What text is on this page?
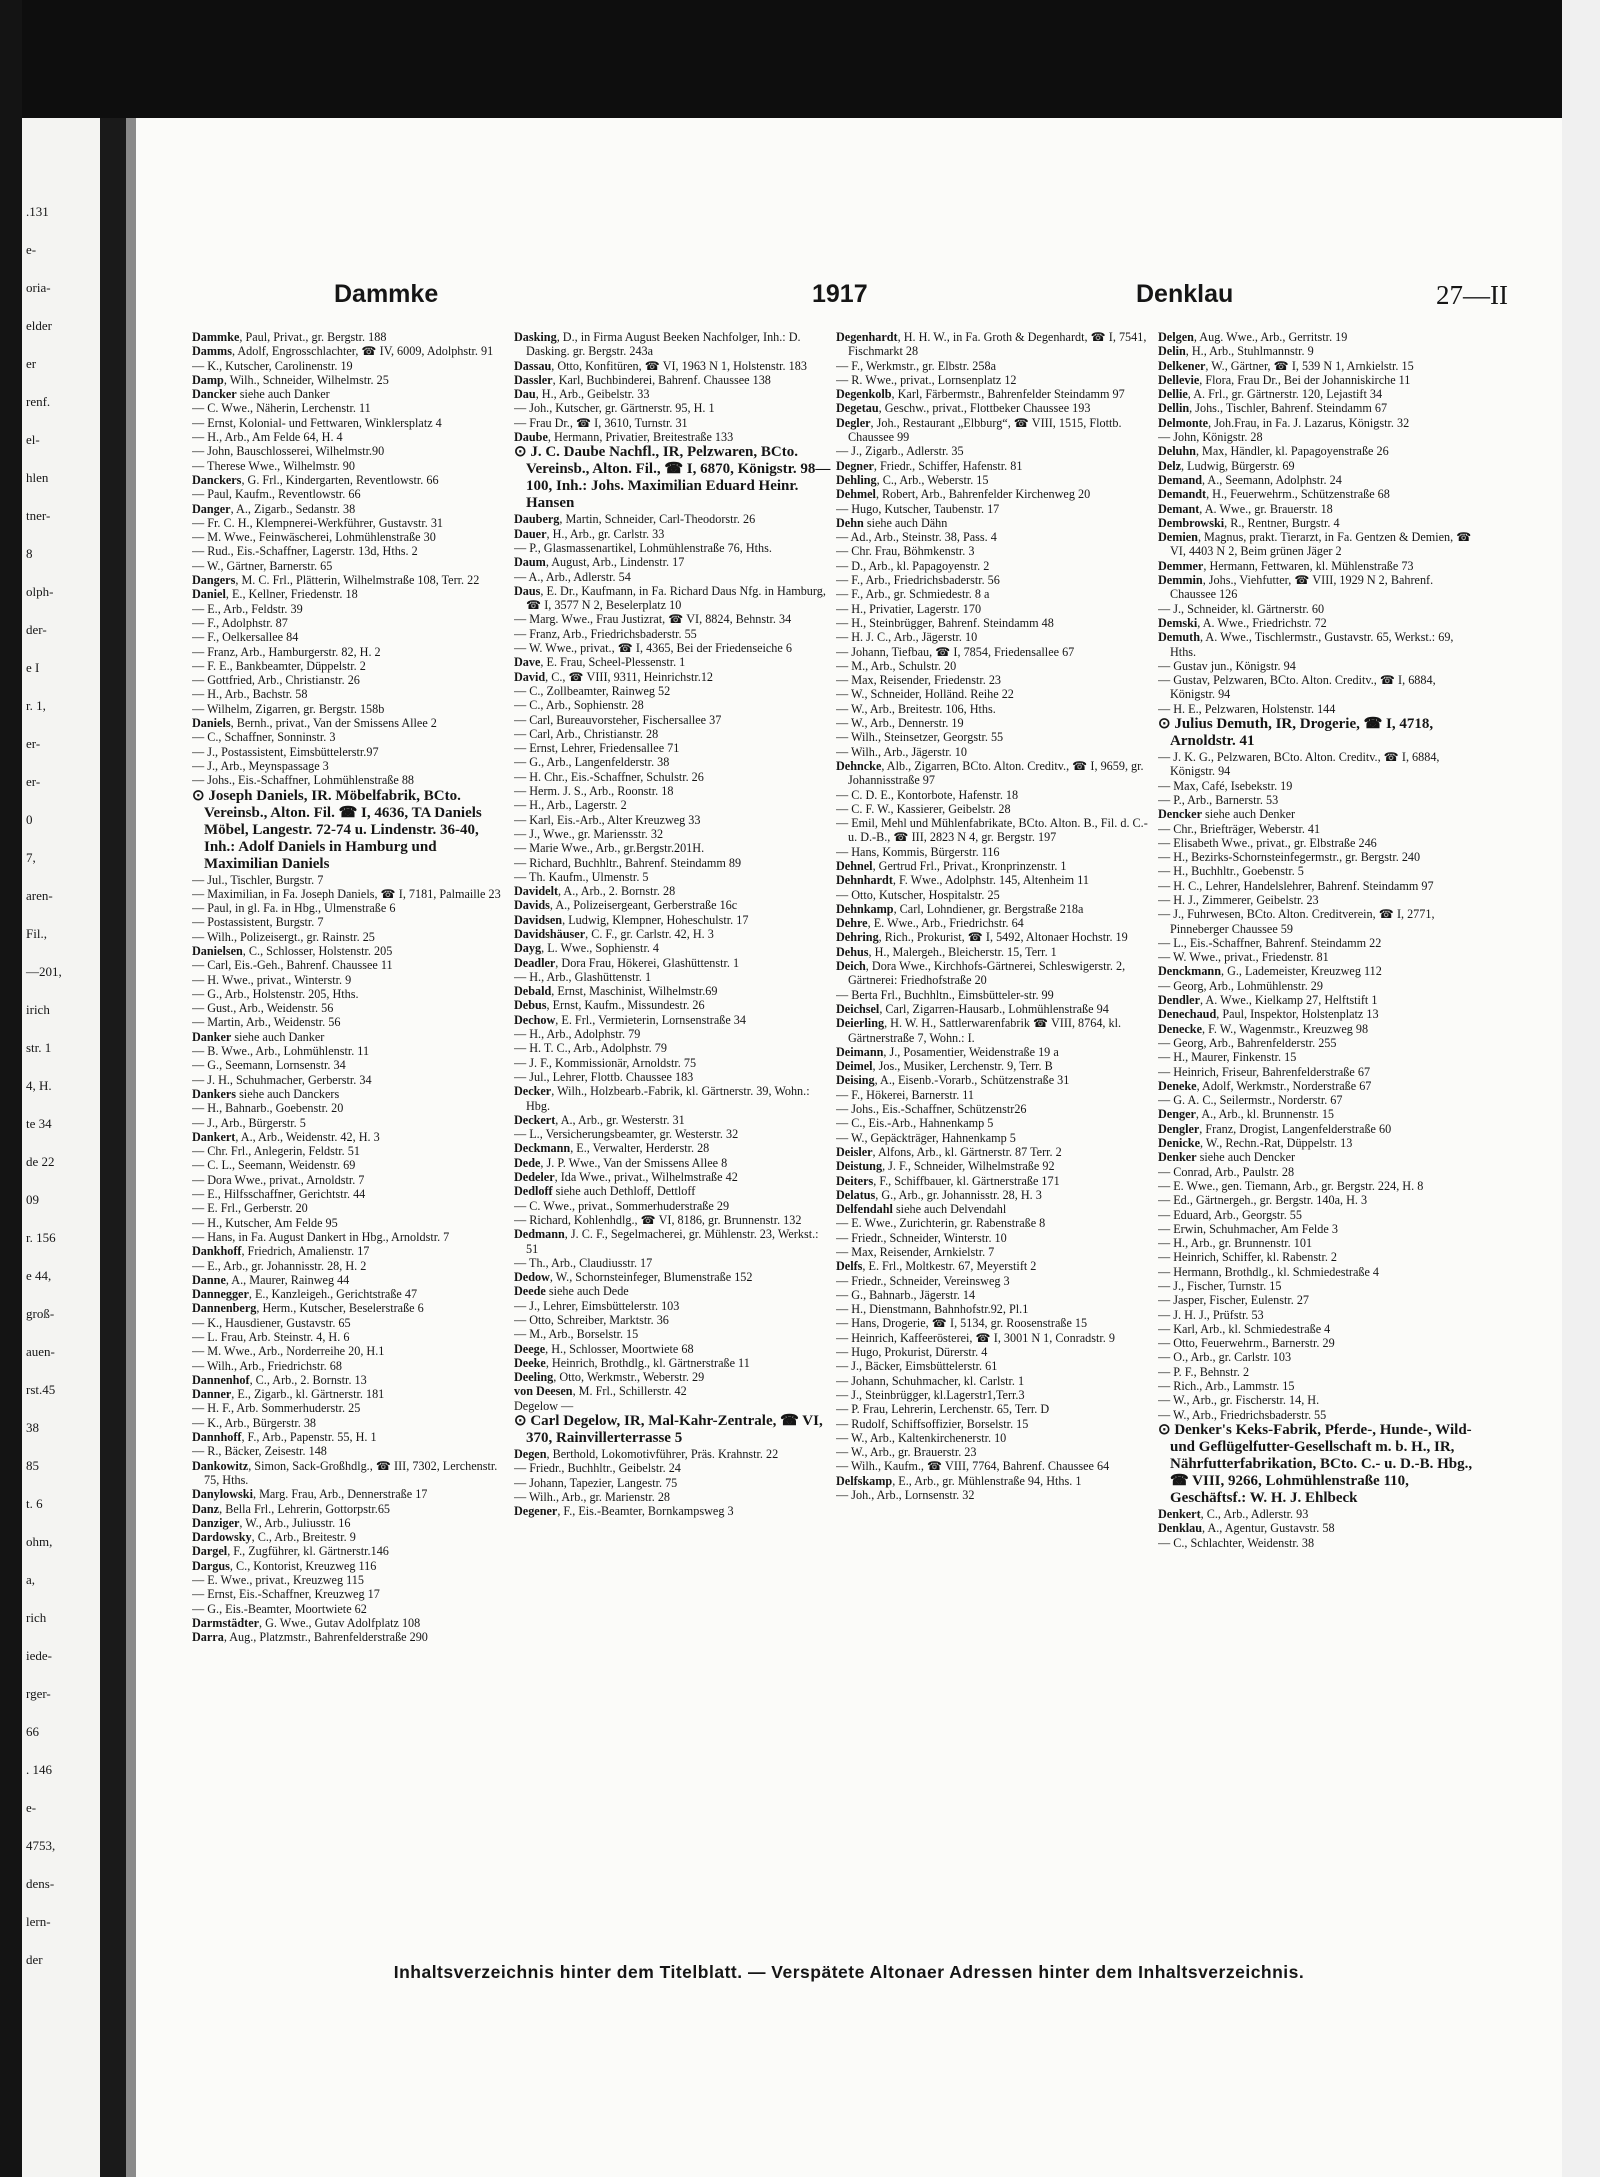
.131
e-
oria-
elder
er
renf.
el-
hlen
tner-
8
olph-
der-
e I
r. 1,
er-
er-
0
7,
aren-
Fil.,
—201,
irich
str. 1
4, H.
te 34
de 22
09
r. 156
e 44,
groß-
auen-
rst.45
38
85
t. 6
ohm,
a,
rich
iede-
rger-
66
. 146
e-
4753,
dens-
lern-
der
Dammke	1917	Denklau	27—II

Dammke, Paul, Privat., gr. Bergstr. 188

Damms, Adolf, Engrosschlachter, ☎ IV, 6009, Adolphstr. 91

— K., Kutscher, Carolinenstr. 19

Damp, Wilh., Schneider, Wilhelmstr. 25

Dancker siehe auch Danker

— C. Wwe., Näherin, Lerchenstr. 11

— Ernst, Kolonial- und Fettwaren, Winklersplatz 4

— H., Arb., Am Felde 64, H. 4

— John, Bauschlosserei, Wilhelmstr.90

— Therese Wwe., Wilhelmstr. 90

Danckers, G. Frl., Kindergarten, Reventlowstr. 66

— Paul, Kaufm., Reventlowstr. 66

Danger, A., Zigarb., Sedanstr. 38

— Fr. C. H., Klempnerei-Werkführer, Gustavstr. 31

— M. Wwe., Feinwäscherei, Lohmühlenstraße 30

— Rud., Eis.-Schaffner, Lagerstr. 13d, Hths. 2

— W., Gärtner, Barnerstr. 65

Dangers, M. C. Frl., Plätterin, Wilhelmstraße 108, Terr. 22

Daniel, E., Kellner, Friedenstr. 18

— E., Arb., Feldstr. 39

— F., Adolphstr. 87

— F., Oelkersallee 84

— Franz, Arb., Hamburgerstr. 82, H. 2

— F. E., Bankbeamter, Düppelstr. 2

— Gottfried, Arb., Christianstr. 26

— H., Arb., Bachstr. 58

— Wilhelm, Zigarren, gr. Bergstr. 158b

Daniels, Bernh., privat., Van der Smissens Allee 2

— C., Schaffner, Sonninstr. 3

— J., Postassistent, Eimsbüttelerstr.97

— J., Arb., Meynspassage 3

— Johs., Eis.-Schaffner, Lohmühlenstraße 88

⊙ Joseph Daniels, IR. Möbelfabrik, BCto. Vereinsb., Alton. Fil. ☎ I, 4636, TA Daniels Möbel, Langestr. 72-74 u. Lindenstr. 36-40, Inh.: Adolf Daniels in Hamburg und Maximilian Daniels

— Jul., Tischler, Burgstr. 7

— Maximilian, in Fa. Joseph Daniels, ☎ I, 7181, Palmaille 23

— Paul, in gl. Fa. in Hbg., Ulmenstraße 6

— Postassistent, Burgstr. 7

— Wilh., Polizeisergt., gr. Rainstr. 25

Danielsen, C., Schlosser, Holstenstr. 205

— Carl, Eis.-Geh., Bahrenf. Chaussee 11

— H. Wwe., privat., Winterstr. 9

— G., Arb., Holstenstr. 205, Hths.

— Gust., Arb., Weidenstr. 56

— Martin, Arb., Weidenstr. 56

Danker siehe auch Danker

— B. Wwe., Arb., Lohmühlenstr. 11

— G., Seemann, Lornsenstr. 34

— J. H., Schuhmacher, Gerberstr. 34

Dankers siehe auch Danckers

— H., Bahnarb., Goebenstr. 20

— J., Arb., Bürgerstr. 5

Dankert, A., Arb., Weidenstr. 42, H. 3

— Chr. Frl., Anlegerin, Feldstr. 51

— C. L., Seemann, Weidenstr. 69

— Dora Wwe., privat., Arnoldstr. 7

— E., Hilfsschaffner, Gerichtstr. 44

— E. Frl., Gerberstr. 20

— H., Kutscher, Am Felde 95

— Hans, in Fa. August Dankert in Hbg., Arnoldstr. 7

Dankhoff, Friedrich, Amalienstr. 17

— E., Arb., gr. Johannisstr. 28, H. 2

Danne, A., Maurer, Rainweg 44

Dannegger, E., Kanzleigeh., Gerichtstraße 47

Dannenberg, Herm., Kutscher, Beselerstraße 6

— K., Hausdiener, Gustavstr. 65

— L. Frau, Arb. Steinstr. 4, H. 6

— M. Wwe., Arb., Norderreihe 20, H.1

— Wilh., Arb., Friedrichstr. 68

Dannenhof, C., Arb., 2. Bornstr. 13

Danner, E., Zigarb., kl. Gärtnerstr. 181

— H. F., Arb. Sommerhuderstr. 25

— K., Arb., Bürgerstr. 38

Dannhoff, F., Arb., Papenstr. 55, H. 1

— R., Bäcker, Zeisestr. 148

Dankowitz, Simon, Sack-Großhdlg., ☎ III, 7302, Lerchenstr. 75, Hths.

Danylowski, Marg. Frau, Arb., Dennerstraße 17

Danz, Bella Frl., Lehrerin, Gottorpstr.65

Danziger, W., Arb., Juliusstr. 16

Dardowsky, C., Arb., Breitestr. 9

Dargel, F., Zugführer, kl. Gärtnerstr.146

Dargus, C., Kontorist, Kreuzweg 116

— E. Wwe., privat., Kreuzweg 115

— Ernst, Eis.-Schaffner, Kreuzweg 17

— G., Eis.-Beamter, Moortwiete 62

Darmstädter, G. Wwe., Gutav Adolfplatz 108

Darra, Aug., Platzmstr., Bahrenfelderstraße 290

Dasking, D., in Firma August Beeken Nachfolger, Inh.: D. Dasking. gr. Bergstr. 243a

Dassau, Otto, Konfitüren, ☎ VI, 1963 N 1, Holstenstr. 183

Dassler, Karl, Buchbinderei, Bahrenf. Chaussee 138

Dau, H., Arb., Geibelstr. 33

— Joh., Kutscher, gr. Gärtnerstr. 95, H. 1

— Frau Dr., ☎ I, 3610, Turnstr. 31

Daube, Hermann, Privatier, Breitestraße 133

⊙ J. C. Daube Nachfl., IR, Pelzwaren, BCto. Vereinsb., Alton. Fil., ☎ I, 6870, Königstr. 98—100, Inh.: Johs. Maximilian Eduard Heinr. Hansen

Dauberg, Martin, Schneider, Carl-Theodorstr. 26

Dauer, H., Arb., gr. Carlstr. 33

— P., Glasmassenartikel, Lohmühlenstraße 76, Hths.

Daum, August, Arb., Lindenstr. 17

— A., Arb., Adlerstr. 54

Daus, E. Dr., Kaufmann, in Fa. Richard Daus Nfg. in Hamburg, ☎ I, 3577 N 2, Beselerplatz 10

— Marg. Wwe., Frau Justizrat, ☎ VI, 8824, Behnstr. 34

— Franz, Arb., Friedrichsbaderstr. 55

— W. Wwe., privat., ☎ I, 4365, Bei der Friedenseiche 6

Dave, E. Frau, Scheel-Plessenstr. 1

David, C., ☎ VIII, 9311, Heinrichstr.12

— C., Zollbeamter, Rainweg 52

— C., Arb., Sophienstr. 28

— Carl, Bureauvorsteher, Fischersallee 37

— Carl, Arb., Christianstr. 28

— Ernst, Lehrer, Friedensallee 71

— G., Arb., Langenfelderstr. 38

— H. Chr., Eis.-Schaffner, Schulstr. 26

— Herm. J. S., Arb., Roonstr. 18

— H., Arb., Lagerstr. 2

— Karl, Eis.-Arb., Alter Kreuzweg 33

— J., Wwe., gr. Mariensstr. 32

— Marie Wwe., Arb., gr.Bergstr.201H.

— Richard, Buchhltr., Bahrenf. Steindamm 89

— Th. Kaufm., Ulmenstr. 5

Davidelt, A., Arb., 2. Bornstr. 28

Davids, A., Polizeisergeant, Gerberstraße 16c

Davidsen, Ludwig, Klempner, Hoheschulstr. 17

Davidshäuser, C. F., gr. Carlstr. 42, H. 3

Dayg, L. Wwe., Sophienstr. 4

Deadler, Dora Frau, Hökerei, Glashüttenstr. 1

— H., Arb., Glashüttenstr. 1

Debald, Ernst, Maschinist, Wilhelmstr.69

Debus, Ernst, Kaufm., Missundestr. 26

Dechow, E. Frl., Vermieterin, Lornsenstraße 34

— H., Arb., Adolphstr. 79

— H. T. C., Arb., Adolphstr. 79

— J. F., Kommissionär, Arnoldstr. 75

— Jul., Lehrer, Flottb. Chaussee 183

Decker, Wilh., Holzbearb.-Fabrik, kl. Gärtnerstr. 39, Wohn.: Hbg.

Deckert, A., Arb., gr. Westerstr. 31

— L., Versicherungsbeamter, gr. Westerstr. 32

Deckmann, E., Verwalter, Herderstr. 28

Dede, J. P. Wwe., Van der Smissens Allee 8

Dedeler, Ida Wwe., privat., Wilhelmstraße 42

Dedloff siehe auch Dethloff, Dettloff

— C. Wwe., privat., Sommerhuderstraße 29

— Richard, Kohlenhdlg., ☎ VI, 8186, gr. Brunnenstr. 132

Dedmann, J. C. F., Segelmacherei, gr. Mühlenstr. 23, Werkst.: 51

— Th., Arb., Claudiusstr. 17

Dedow, W., Schornsteinfeger, Blumenstraße 152

Deede siehe auch Dede

— J., Lehrer, Eimsbüttelerstr. 103

— Otto, Schreiber, Marktstr. 36

— M., Arb., Borselstr. 15

Deege, H., Schlosser, Moortwiete 68

Deeke, Heinrich, Brothdlg., kl. Gärtnerstraße 11

Deeling, Otto, Werkmstr., Weberstr. 29

von Deesen, M. Frl., Schillerstr. 42

Degelow —

⊙ Carl Degelow, IR, Mal-Kahr-Zentrale, ☎ VI, 370, Rainvillerterrasse 5

Degen, Berthold, Lokomotivführer, Präs. Krahnstr. 22

— Friedr., Buchhltr., Geibelstr. 24

— Johann, Tapezier, Langestr. 75

— Wilh., Arb., gr. Marienstr. 28

Degener, F., Eis.-Beamter, Bornkampsweg 3

Degenhardt, H. H. W., in Fa. Groth & Degenhardt, ☎ I, 7541, Fischmarkt 28

— F., Werkmstr., gr. Elbstr. 258a

— R. Wwe., privat., Lornsenplatz 12

Degenkolb, Karl, Färbermstr., Bahrenfelder Steindamm 97

Degetau, Geschw., privat., Flottbeker Chaussee 193

Degler, Joh., Restaurant „Elbburg“, ☎ VIII, 1515, Flottb. Chaussee 99

— J., Zigarb., Adlerstr. 35

Degner, Friedr., Schiffer, Hafenstr. 81

Dehling, C., Arb., Weberstr. 15

Dehmel, Robert, Arb., Bahrenfelder Kirchenweg 20

— Hugo, Kutscher, Taubenstr. 17

Dehn siehe auch Dähn

— Ad., Arb., Steinstr. 38, Pass. 4

— Chr. Frau, Böhmkenstr. 3

— D., Arb., kl. Papagoyenstr. 2

— F., Arb., Friedrichsbaderstr. 56

— F., Arb., gr. Schmiedestr. 8 a

— H., Privatier, Lagerstr. 170

— H., Steinbrügger, Bahrenf. Steindamm 48

— H. J. C., Arb., Jägerstr. 10

— Johann, Tiefbau, ☎ I, 7854, Friedensallee 67

— M., Arb., Schulstr. 20

— Max, Reisender, Friedenstr. 23

— W., Schneider, Holländ. Reihe 22

— W., Arb., Breitestr. 106, Hths.

— W., Arb., Dennerstr. 19

— Wilh., Steinsetzer, Georgstr. 55

— Wilh., Arb., Jägerstr. 10

Dehncke, Alb., Zigarren, BCto. Alton. Creditv., ☎ I, 9659, gr. Johannisstraße 97

— C. D. E., Kontorbote, Hafenstr. 18

— C. F. W., Kassierer, Geibelstr. 28

— Emil, Mehl und Mühlenfabrikate, BCto. Alton. B., Fil. d. C.- u. D.-B., ☎ III, 2823 N 4, gr. Bergstr. 197

— Hans, Kommis, Bürgerstr. 116

Dehnel, Gertrud Frl., Privat., Kronprinzenstr. 1

Dehnhardt, F. Wwe., Adolphstr. 145, Altenheim 11

— Otto, Kutscher, Hospitalstr. 25

Dehnkamp, Carl, Lohndiener, gr. Bergstraße 218a

Dehre, E. Wwe., Arb., Friedrichstr. 64

Dehring, Rich., Prokurist, ☎ I, 5492, Altonaer Hochstr. 19

Dehus, H., Malergeh., Bleicherstr. 15, Terr. 1

Deich, Dora Wwe., Kirchhofs-Gärtnerei, Schleswigerstr. 2, Gärtnerei: Friedhofstraße 20

— Berta Frl., Buchhltn., Eimsbütteler-str. 99

Deichsel, Carl, Zigarren-Hausarb., Lohmühlenstraße 94

Deierling, H. W. H., Sattlerwarenfabrik ☎ VIII, 8764, kl. Gärtnerstraße 7, Wohn.: I.

Deimann, J., Posamentier, Weidenstraße 19 a

Deimel, Jos., Musiker, Lerchenstr. 9, Terr. B

Deising, A., Eisenb.-Vorarb., Schützenstraße 31

— F., Hökerei, Barnerstr. 11

— Johs., Eis.-Schaffner, Schützenstr26

— C., Eis.-Arb., Hahnenkamp 5

— W., Gepäckträger, Hahnenkamp 5

Deisler, Alfons, Arb., kl. Gärtnerstr. 87 Terr. 2

Deistung, J. F., Schneider, Wilhelmstraße 92

Deiters, F., Schiffbauer, kl. Gärtnerstraße 171

Delatus, G., Arb., gr. Johannisstr. 28, H. 3

Delfendahl siehe auch Delvendahl

— E. Wwe., Zurichterin, gr. Rabenstraße 8

— Friedr., Schneider, Winterstr. 10

— Max, Reisender, Arnkielstr. 7

Delfs, E. Frl., Moltkestr. 67, Meyerstift 2

— Friedr., Schneider, Vereinsweg 3

— G., Bahnarb., Jägerstr. 14

— H., Dienstmann, Bahnhofstr.92, Pl.1

— Hans, Drogerie, ☎ I, 5134, gr. Roosenstraße 15

— Heinrich, Kaffeerösterei, ☎ I, 3001 N 1, Conradstr. 9

— Hugo, Prokurist, Dürerstr. 4

— J., Bäcker, Eimsbüttelerstr. 61

— Johann, Schuhmacher, kl. Carlstr. 1

— J., Steinbrügger, kl.Lagerstr1,Terr.3

— P. Frau, Lehrerin, Lerchenstr. 65, Terr. D

— Rudolf, Schiffsoffizier, Borselstr. 15

— W., Arb., Kaltenkirchenerstr. 10

— W., Arb., gr. Brauerstr. 23

— Wilh., Kaufm., ☎ VIII, 7764, Bahrenf. Chaussee 64

Delfskamp, E., Arb., gr. Mühlenstraße 94, Hths. 1

— Joh., Arb., Lornsenstr. 32

Delgen, Aug. Wwe., Arb., Gerritstr. 19

Delin, H., Arb., Stuhlmannstr. 9

Delkener, W., Gärtner, ☎ I, 539 N 1, Arnkielstr. 15

Dellevie, Flora, Frau Dr., Bei der Johanniskirche 11

Dellie, A. Frl., gr. Gärtnerstr. 120, Lejastift 34

Dellin, Johs., Tischler, Bahrenf. Steindamm 67

Delmonte, Joh.Frau, in Fa. J. Lazarus, Königstr. 32

— John, Königstr. 28

Deluhn, Max, Händler, kl. Papagoyenstraße 26

Delz, Ludwig, Bürgerstr. 69

Demand, A., Seemann, Adolphstr. 24

Demandt, H., Feuerwehrm., Schützenstraße 68

Demant, A. Wwe., gr. Brauerstr. 18

Dembrowski, R., Rentner, Burgstr. 4

Demien, Magnus, prakt. Tierarzt, in Fa. Gentzen & Demien, ☎ VI, 4403 N 2, Beim grünen Jäger 2

Demmer, Hermann, Fettwaren, kl. Mühlenstraße 73

Demmin, Johs., Viehfutter, ☎ VIII, 1929 N 2, Bahrenf. Chaussee 126

— J., Schneider, kl. Gärtnerstr. 60

Demski, A. Wwe., Friedrichstr. 72

Demuth, A. Wwe., Tischlermstr., Gustavstr. 65, Werkst.: 69, Hths.

— Gustav jun., Königstr. 94

— Gustav, Pelzwaren, BCto. Alton. Creditv., ☎ I, 6884, Königstr. 94

— H. E., Pelzwaren, Holstenstr. 144

⊙ Julius Demuth, IR, Drogerie, ☎ I, 4718, Arnoldstr. 41

— J. K. G., Pelzwaren, BCto. Alton. Creditv., ☎ I, 6884, Königstr. 94

— Max, Café, Isebekstr. 19

— P., Arb., Barnerstr. 53

Dencker siehe auch Denker

— Chr., Briefträger, Weberstr. 41

— Elisabeth Wwe., privat., gr. Elbstraße 246

— H., Bezirks-Schornsteinfegermstr., gr. Bergstr. 240

— H., Buchhltr., Goebenstr. 5

— H. C., Lehrer, Handelslehrer, Bahrenf. Steindamm 97

— H. J., Zimmerer, Geibelstr. 23

— J., Fuhrwesen, BCto. Alton. Creditverein, ☎ I, 2771, Pinneberger Chaussee 59

— L., Eis.-Schaffner, Bahrenf. Steindamm 22

— W. Wwe., privat., Friedenstr. 81

Denckmann, G., Lademeister, Kreuzweg 112

— Georg, Arb., Lohmühlenstr. 29

Dendler, A. Wwe., Kielkamp 27, Helftstift 1

Denechaud, Paul, Inspektor, Holstenplatz 13

Denecke, F. W., Wagenmstr., Kreuzweg 98

— Georg, Arb., Bahrenfelderstr. 255

— H., Maurer, Finkenstr. 15

— Heinrich, Friseur, Bahrenfelderstraße 67

Deneke, Adolf, Werkmstr., Norderstraße 67

— G. A. C., Seilermstr., Norderstr. 67

Denger, A., Arb., kl. Brunnenstr. 15

Dengler, Franz, Drogist, Langenfelderstraße 60

Denicke, W., Rechn.-Rat, Düppelstr. 13

Denker siehe auch Dencker

— Conrad, Arb., Paulstr. 28

— E. Wwe., gen. Tiemann, Arb., gr. Bergstr. 224, H. 8

— Ed., Gärtnergeh., gr. Bergstr. 140a, H. 3

— Eduard, Arb., Georgstr. 55

— Erwin, Schuhmacher, Am Felde 3

— H., Arb., gr. Brunnenstr. 101

— Heinrich, Schiffer, kl. Rabenstr. 2

— Hermann, Brothdlg., kl. Schmiedestraße 4

— J., Fischer, Turnstr. 15

— Jasper, Fischer, Eulenstr. 27

— J. H. J., Prüfstr. 53

— Karl, Arb., kl. Schmiedestraße 4

— Otto, Feuerwehrm., Barnerstr. 29

— O., Arb., gr. Carlstr. 103

— P. F., Behnstr. 2

— Rich., Arb., Lammstr. 15

— W., Arb., gr. Fischerstr. 14, H.

— W., Arb., Friedrichsbaderstr. 55

⊙ Denker's Keks-Fabrik, Pferde-, Hunde-, Wild- und Geflügelfutter-Gesellschaft m. b. H., IR, Nährfutterfabrikation, BCto. C.- u. D.-B. Hbg., ☎ VIII, 9266, Lohmühlenstraße 110, Geschäftsf.: W. H. J. Ehlbeck

Denkert, C., Arb., Adlerstr. 93

Denklau, A., Agentur, Gustavstr. 58

— C., Schlachter, Weidenstr. 38

Inhaltsverzeichnis hinter dem Titelblatt. — Verspätete Altonaer Adressen hinter dem Inhaltsverzeichnis.
